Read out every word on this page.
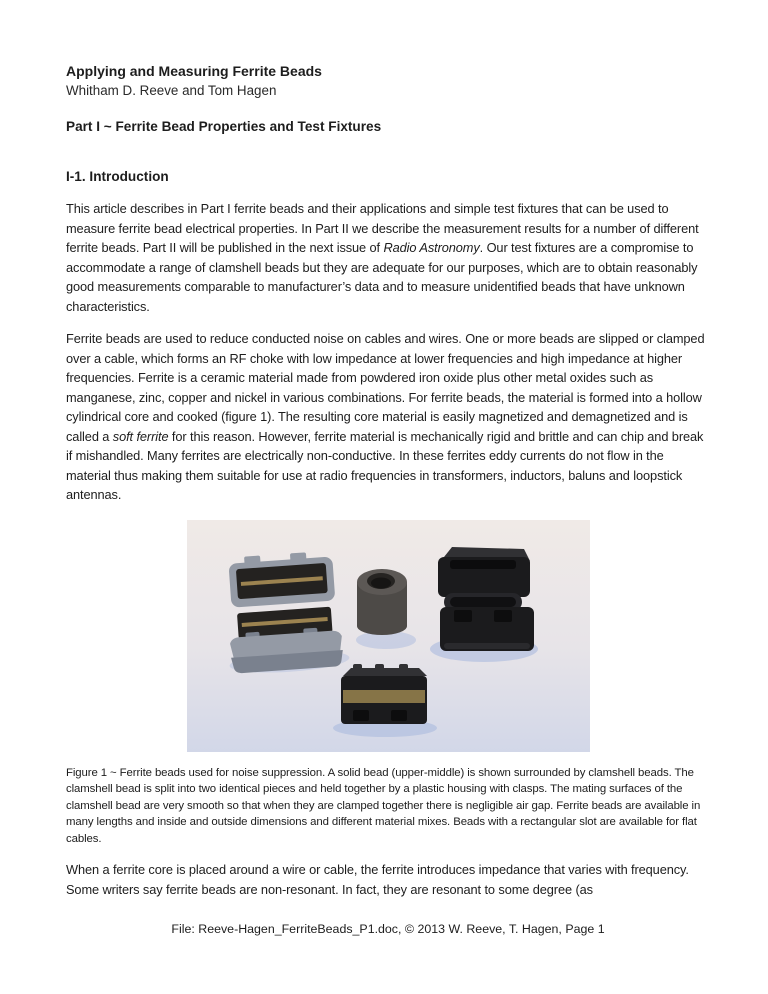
Applying and Measuring Ferrite Beads

Whitham D. Reeve and Tom Hagen

Part I ~ Ferrite Bead Properties and Test Fixtures

I-1. Introduction

This article describes in Part I ferrite beads and their applications and simple test fixtures that can be used to measure ferrite bead electrical properties. In Part II we describe the measurement results for a number of different ferrite beads. Part II will be published in the next issue of Radio Astronomy. Our test fixtures are a compromise to accommodate a range of clamshell beads but they are adequate for our purposes, which are to obtain reasonably good measurements comparable to manufacturer’s data and to measure unidentified beads that have unknown characteristics.

Ferrite beads are used to reduce conducted noise on cables and wires. One or more beads are slipped or clamped over a cable, which forms an RF choke with low impedance at lower frequencies and high impedance at higher frequencies. Ferrite is a ceramic material made from powdered iron oxide plus other metal oxides such as manganese, zinc, copper and nickel in various combinations. For ferrite beads, the material is formed into a hollow cylindrical core and cooked (figure 1). The resulting core material is easily magnetized and demagnetized and is called a soft ferrite for this reason. However, ferrite material is mechanically rigid and brittle and can chip and break if mishandled. Many ferrites are electrically non-conductive. In these ferrites eddy currents do not flow in the material thus making them suitable for use at radio frequencies in transformers, inductors, baluns and loopstick antennas.

Figure 1 ~ Ferrite beads used for noise suppression. A solid bead (upper-middle) is shown surrounded by clamshell beads. The clamshell bead is split into two identical pieces and held together by a plastic housing with clasps. The mating surfaces of the clamshell bead are very smooth so that when they are clamped together there is negligible air gap. Ferrite beads are available in many lengths and inside and outside dimensions and different material mixes. Beads with a rectangular slot are available for flat cables.

When a ferrite core is placed around a wire or cable, the ferrite introduces impedance that varies with frequency. Some writers say ferrite beads are non-resonant. In fact, they are resonant to some degree (as

File: Reeve-Hagen_FerriteBeads_P1.doc, © 2013 W. Reeve, T. Hagen, Page 1
